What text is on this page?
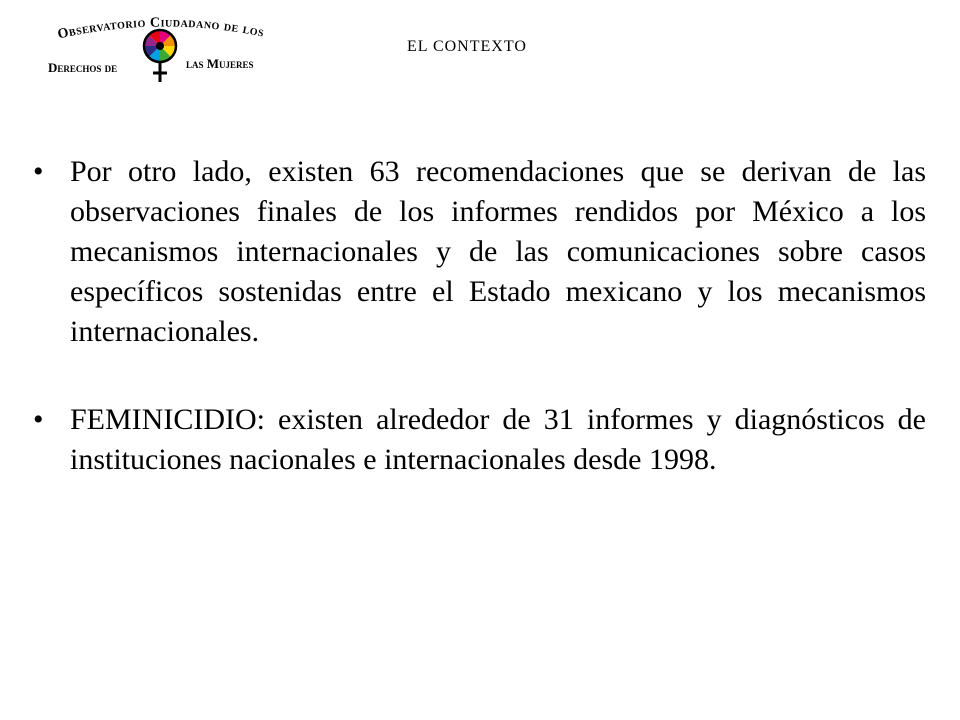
Observatorio Ciudadano de los
Derechos de	las Mujeres
EL CONTEXTO
• Por otro lado, existen 63 recomendaciones que se derivan de las observaciones finales de los informes rendidos por México a los mecanismos internacionales y de las comunicaciones sobre casos específicos sostenidas entre el Estado mexicano y los mecanismos internacionales.
• FEMINICIDIO: existen alrededor de 31 informes y diagnósticos de instituciones nacionales e internacionales desde 1998.
